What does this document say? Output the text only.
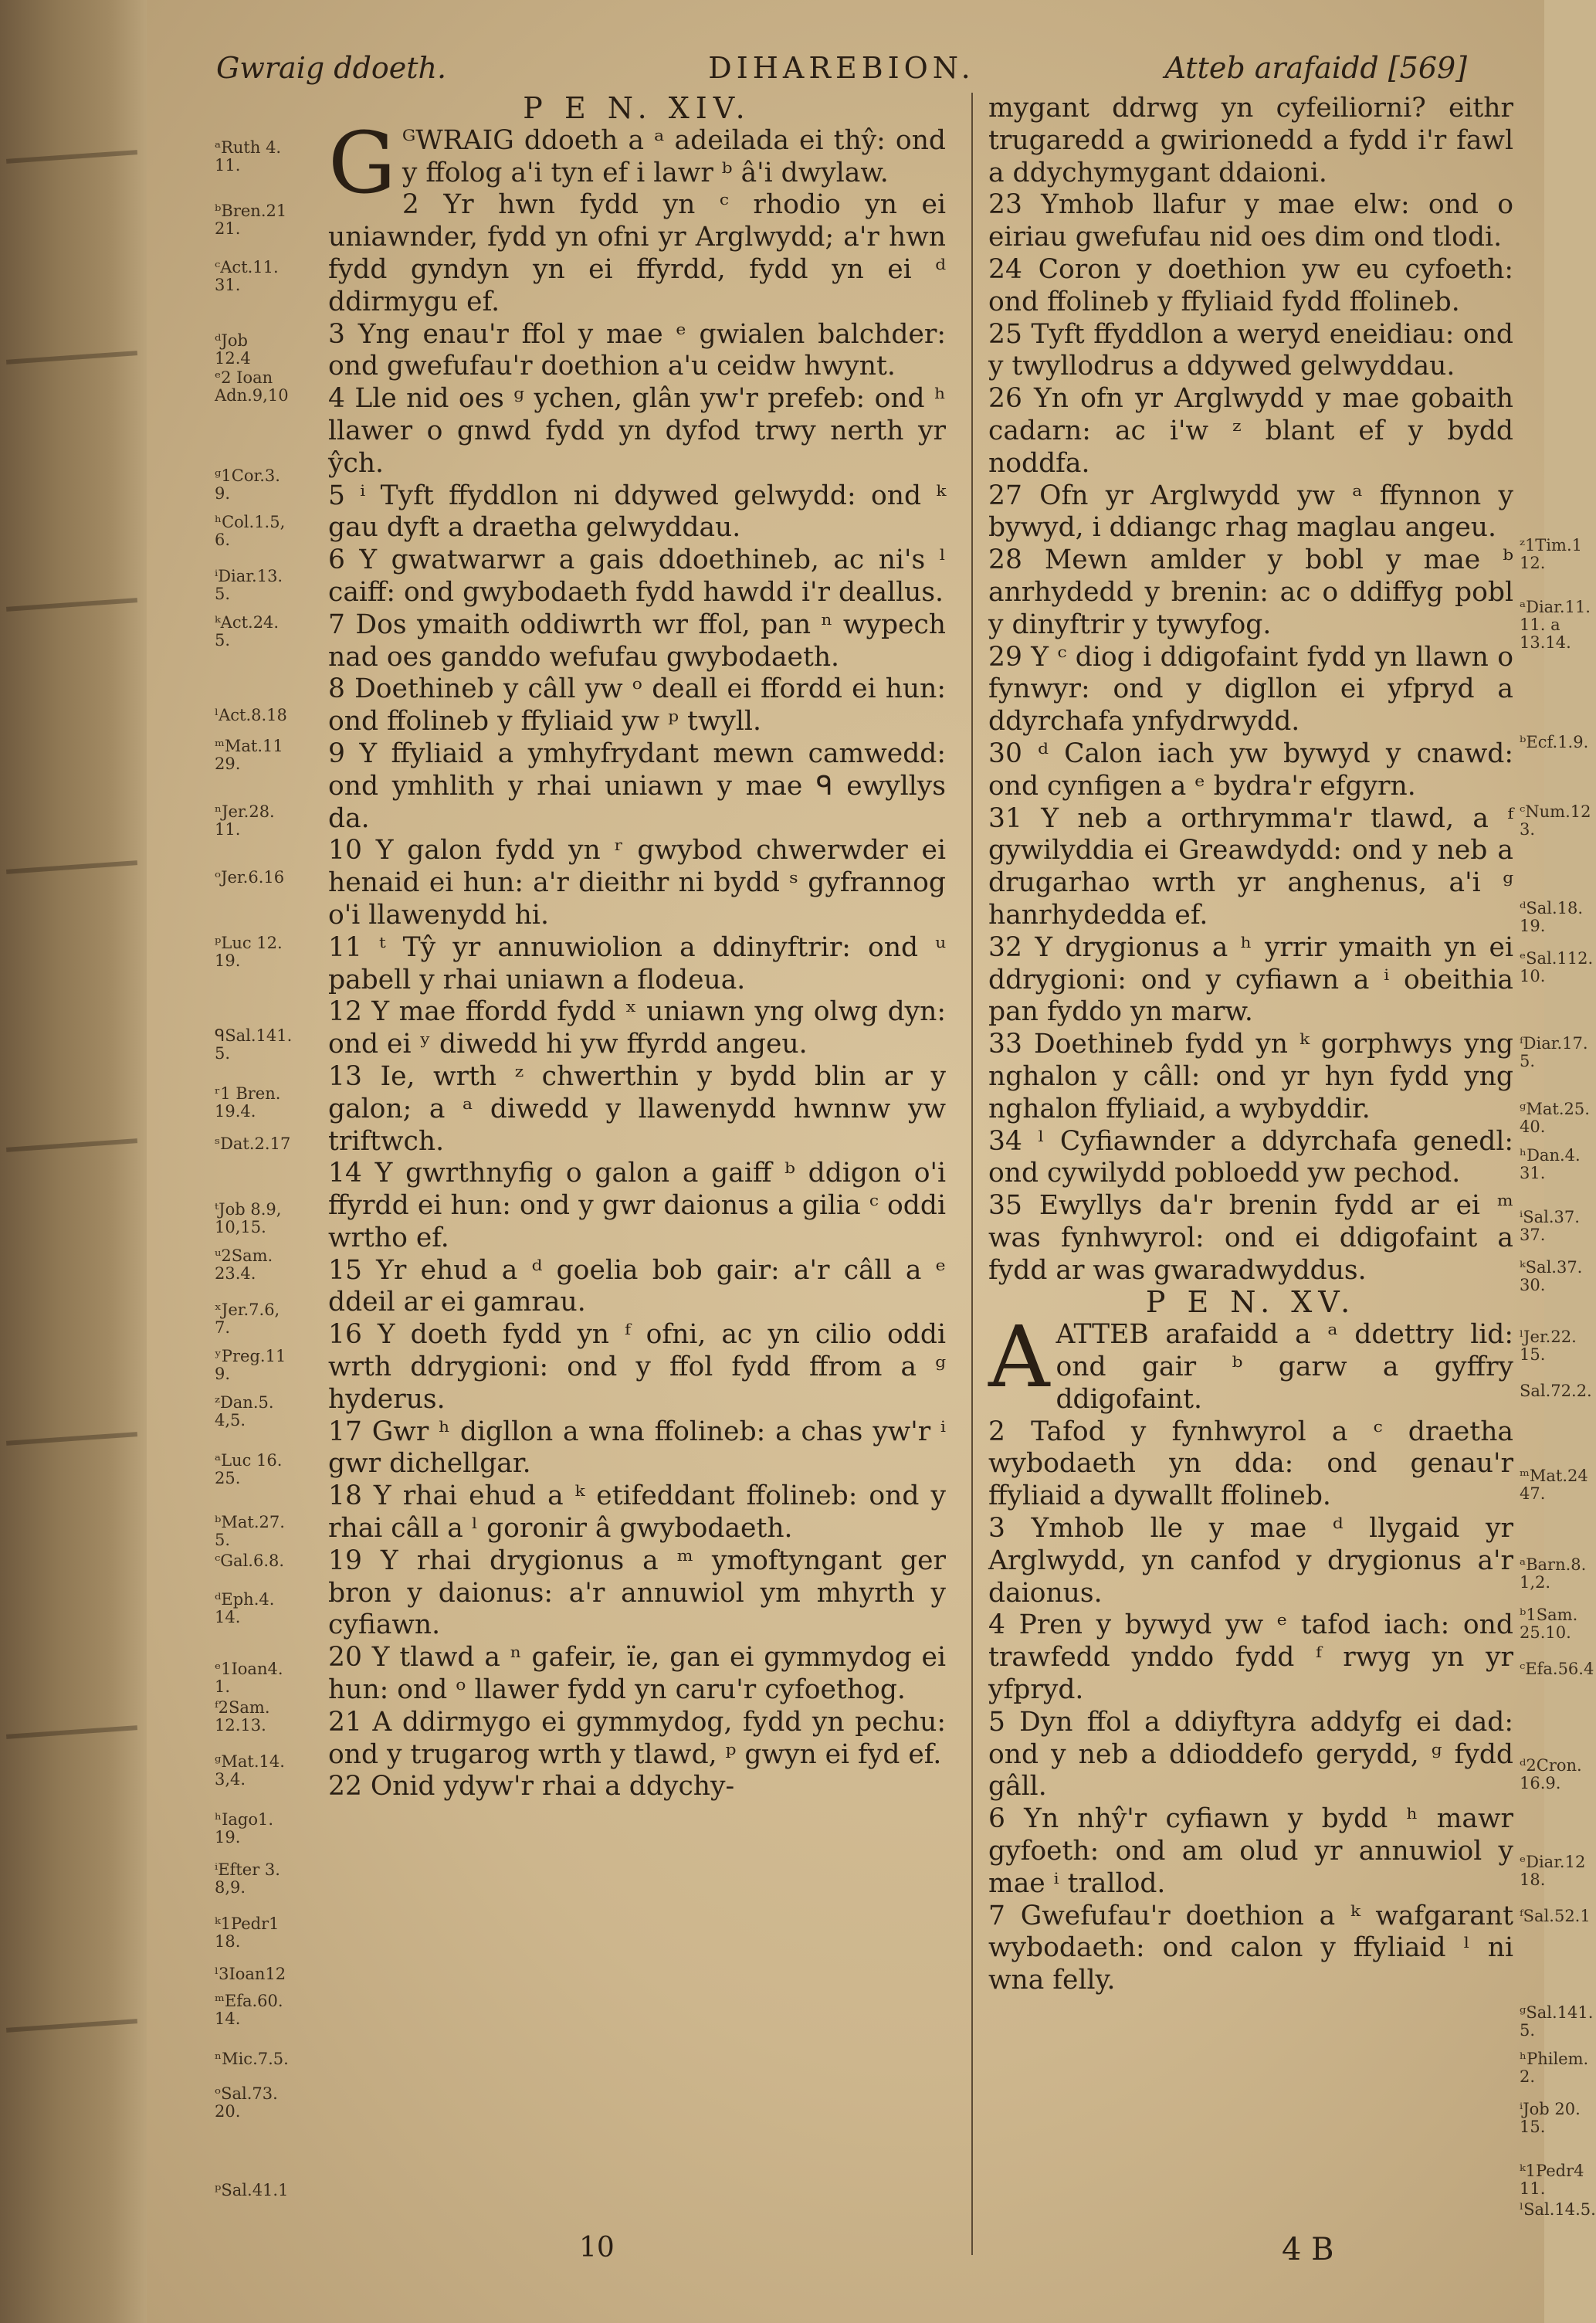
Gwraig ddoeth.	DIHAREBION.	Atteb arafaidd [569]
P E N. XIV.
G ᴳWRAIG ddoeth a ᵃ adeilada ei thŷ: ond y ffolog a'i tyn ef i lawr ᵇ â'i dwylaw.

2 Yr hwn fydd yn ᶜ rhodio yn ei uniawnder, fydd yn ofni yr Arglwydd; a'r hwn fydd gyndyn yn ei ffyrdd, fydd yn ei ᵈ ddirmygu ef.

3 Yng enau'r ffol y mae ᵉ gwialen balchder: ond gwefufau'r doethion a'u ceidw hwynt.

4 Lle nid oes ᵍ ychen, glân yw'r prefeb: ond ʰ llawer o gnwd fydd yn dyfod trwy nerth yr ŷch.

5 ⁱ Tyft ffyddlon ni ddywed gelwydd: ond ᵏ gau dyft a draetha gelwyddau.

6 Y gwatwarwr a gais ddoethineb, ac ni's ˡ caiff: ond gwybodaeth fydd hawdd i'r deallus.

7 Dos ymaith oddiwrth wr ffol, pan ⁿ wypech nad oes ganddo wefufau gwybodaeth.

8 Doethineb y câll yw ᵒ deall ei ffordd ei hun: ond ffolineb y ffyliaid yw ᵖ twyll.

9 Y ffyliaid a ymhyfrydant mewn camwedd: ond ymhlith y rhai uniawn y mae ᑫ ewyllys da.

10 Y galon fydd yn ʳ gwybod chwerwder ei henaid ei hun: a'r dieithr ni bydd ˢ gyfrannog o'i llawenydd hi.

11 ᵗ Tŷ yr annuwiolion a ddinyftrir: ond ᵘ pabell y rhai uniawn a flodeua.

12 Y mae ffordd fydd ˣ uniawn yng olwg dyn: ond ei ʸ diwedd hi yw ffyrdd angeu.

13 Ie, wrth ᶻ chwerthin y bydd blin ar y galon; a ᵃ diwedd y llawenydd hwnnw yw triftwch.

14 Y gwrthnyfig o galon a gaiff ᵇ ddigon o'i ffyrdd ei hun: ond y gwr daionus a gilia ᶜ oddi wrtho ef.

15 Yr ehud a ᵈ goelia bob gair: a'r câll a ᵉ ddeil ar ei gamrau.

16 Y doeth fydd yn ᶠ ofni, ac yn cilio oddi wrth ddrygioni: ond y ffol fydd ffrom a ᵍ hyderus.

17 Gwr ʰ digllon a wna ffolineb: a chas yw'r ⁱ gwr dichellgar.

18 Y rhai ehud a ᵏ etifeddant ffolineb: ond y rhai câll a ˡ goronir â gwybodaeth.

19 Y rhai drygionus a ᵐ ymoftyngant ger bron y daionus: a'r annuwiol ym mhyrth y cyfiawn.

20 Y tlawd a ⁿ gafeir, ïe, gan ei gymmydog ei hun: ond ᵒ llawer fydd yn caru'r cyfoethog.

21 A ddirmygo ei gymmydog, fydd yn pechu: ond y trugarog wrth y tlawd, ᵖ gwyn ei fyd ef.

22 Onid ydyw'r rhai a ddychy-

mygant ddrwg yn cyfeiliorni? eithr trugaredd a gwirionedd a fydd i'r fawl a ddychymygant ddaioni.

23 Ymhob llafur y mae elw: ond o eiriau gwefufau nid oes dim ond tlodi.

24 Coron y doethion yw eu cyfoeth: ond ffolineb y ffyliaid fydd ffolineb.

25 Tyft ffyddlon a weryd eneidiau: ond y twyllodrus a ddywed gelwyddau.

26 Yn ofn yr Arglwydd y mae gobaith cadarn: ac i'w ᶻ blant ef y bydd noddfa.

27 Ofn yr Arglwydd yw ᵃ ffynnon y bywyd, i ddiangc rhag maglau angeu.

28 Mewn amlder y bobl y mae ᵇ anrhydedd y brenin: ac o ddiffyg pobl y dinyftrir y tywyfog.

29 Y ᶜ diog i ddigofaint fydd yn llawn o fynwyr: ond y digllon ei yfpryd a ddyrchafa ynfydrwydd.

30 ᵈ Calon iach yw bywyd y cnawd: ond cynfigen a ᵉ bydra'r efgyrn.

31 Y neb a orthrymma'r tlawd, a ᶠ gywilyddia ei Greawdydd: ond y neb a drugarhao wrth yr anghenus, a'i ᵍ hanrhydedda ef.

32 Y drygionus a ʰ yrrir ymaith yn ei ddrygioni: ond y cyfiawn a ⁱ obeithia pan fyddo yn marw.

33 Doethineb fydd yn ᵏ gorphwys yng nghalon y câll: ond yr hyn fydd yng nghalon ffyliaid, a wybyddir.

34 ˡ Cyfiawnder a ddyrchafa genedl: ond cywilydd pobloedd yw pechod.

35 Ewyllys da'r brenin fydd ar ei ᵐ was fynhwyrol: ond ei ddigofaint a fydd ar was gwaradwyddus.

P E N. XV.
A ATTEB arafaidd a ᵃ ddettry lid: ond gair ᵇ garw a gyffry ddigofaint.

2 Tafod y fynhwyrol a ᶜ draetha wybodaeth yn dda: ond genau'r ffyliaid a dywallt ffolineb.

3 Ymhob lle y mae ᵈ llygaid yr Arglwydd, yn canfod y drygionus a'r daionus.

4 Pren y bywyd yw ᵉ tafod iach: ond trawfedd ynddo fydd ᶠ rwyg yn yr yfpryd.

5 Dyn ffol a ddiyftyra addyfg ei dad: ond y neb a ddioddefo gerydd, ᵍ fydd gâll.

6 Yn nhŷ'r cyfiawn y bydd ʰ mawr gyfoeth: ond am olud yr annuwiol y mae ⁱ trallod.

7 Gwefufau'r doethion a ᵏ wafgarant wybodaeth: ond calon y ffyliaid ˡ ni wna felly.

ᵃRuth 4. 11.
ᵇBren.21 21.
ᶜAct.11. 31.
ᵈJob 12.4
ᵉ2 Ioan Adn.9,10
ᵍ1Cor.3. 9.
ʰCol.1.5, 6.
ⁱDiar.13. 5.
ᵏAct.24. 5.
ˡAct.8.18
ᵐMat.11 29.
ⁿJer.28. 11.
ᵒJer.6.16
ᵖLuc 12. 19.
ᑫSal.141. 5.
ʳ1 Bren. 19.4.
ˢDat.2.17
ᵗJob 8.9, 10,15.
ᵘ2Sam. 23.4.
ˣJer.7.6, 7.
ʸPreg.11 9.
ᶻDan.5. 4,5.
ᵃLuc 16. 25.
ᵇMat.27. 5.
ᶜGal.6.8.
ᵈEph.4. 14.
ᵉ1Ioan4. 1.
ᶠ2Sam. 12.13.
ᵍMat.14. 3,4.
ʰIago1. 19.
ⁱEfter 3. 8,9.
ᵏ1Pedr1 18.
ˡ3Ioan12
ᵐEfa.60. 14.
ⁿMic.7.5.
ᵒSal.73. 20.
ᵖSal.41.1
ᶻ1Tim.1 12.
ᵃDiar.11. 11. a 13.14.
ᵇEcf.1.9.
ᶜNum.12 3.
ᵈSal.18. 19.
ᵉSal.112. 10.
ᶠDiar.17. 5.
ᵍMat.25. 40.
ʰDan.4. 31.
ⁱSal.37. 37.
ᵏSal.37. 30.
ˡJer.22. 15.
Sal.72.2.
ᵐMat.24 47.
ᵃBarn.8. 1,2.
ᵇ1Sam. 25.10.
ᶜEfa.56.4
ᵈ2Cron. 16.9.
ᵉDiar.12 18.
ᶠSal.52.1
ᵍSal.141. 5.
ʰPhilem. 2.
ⁱJob 20. 15.
ᵏ1Pedr4 11.
ˡSal.14.5.
10	4 B
